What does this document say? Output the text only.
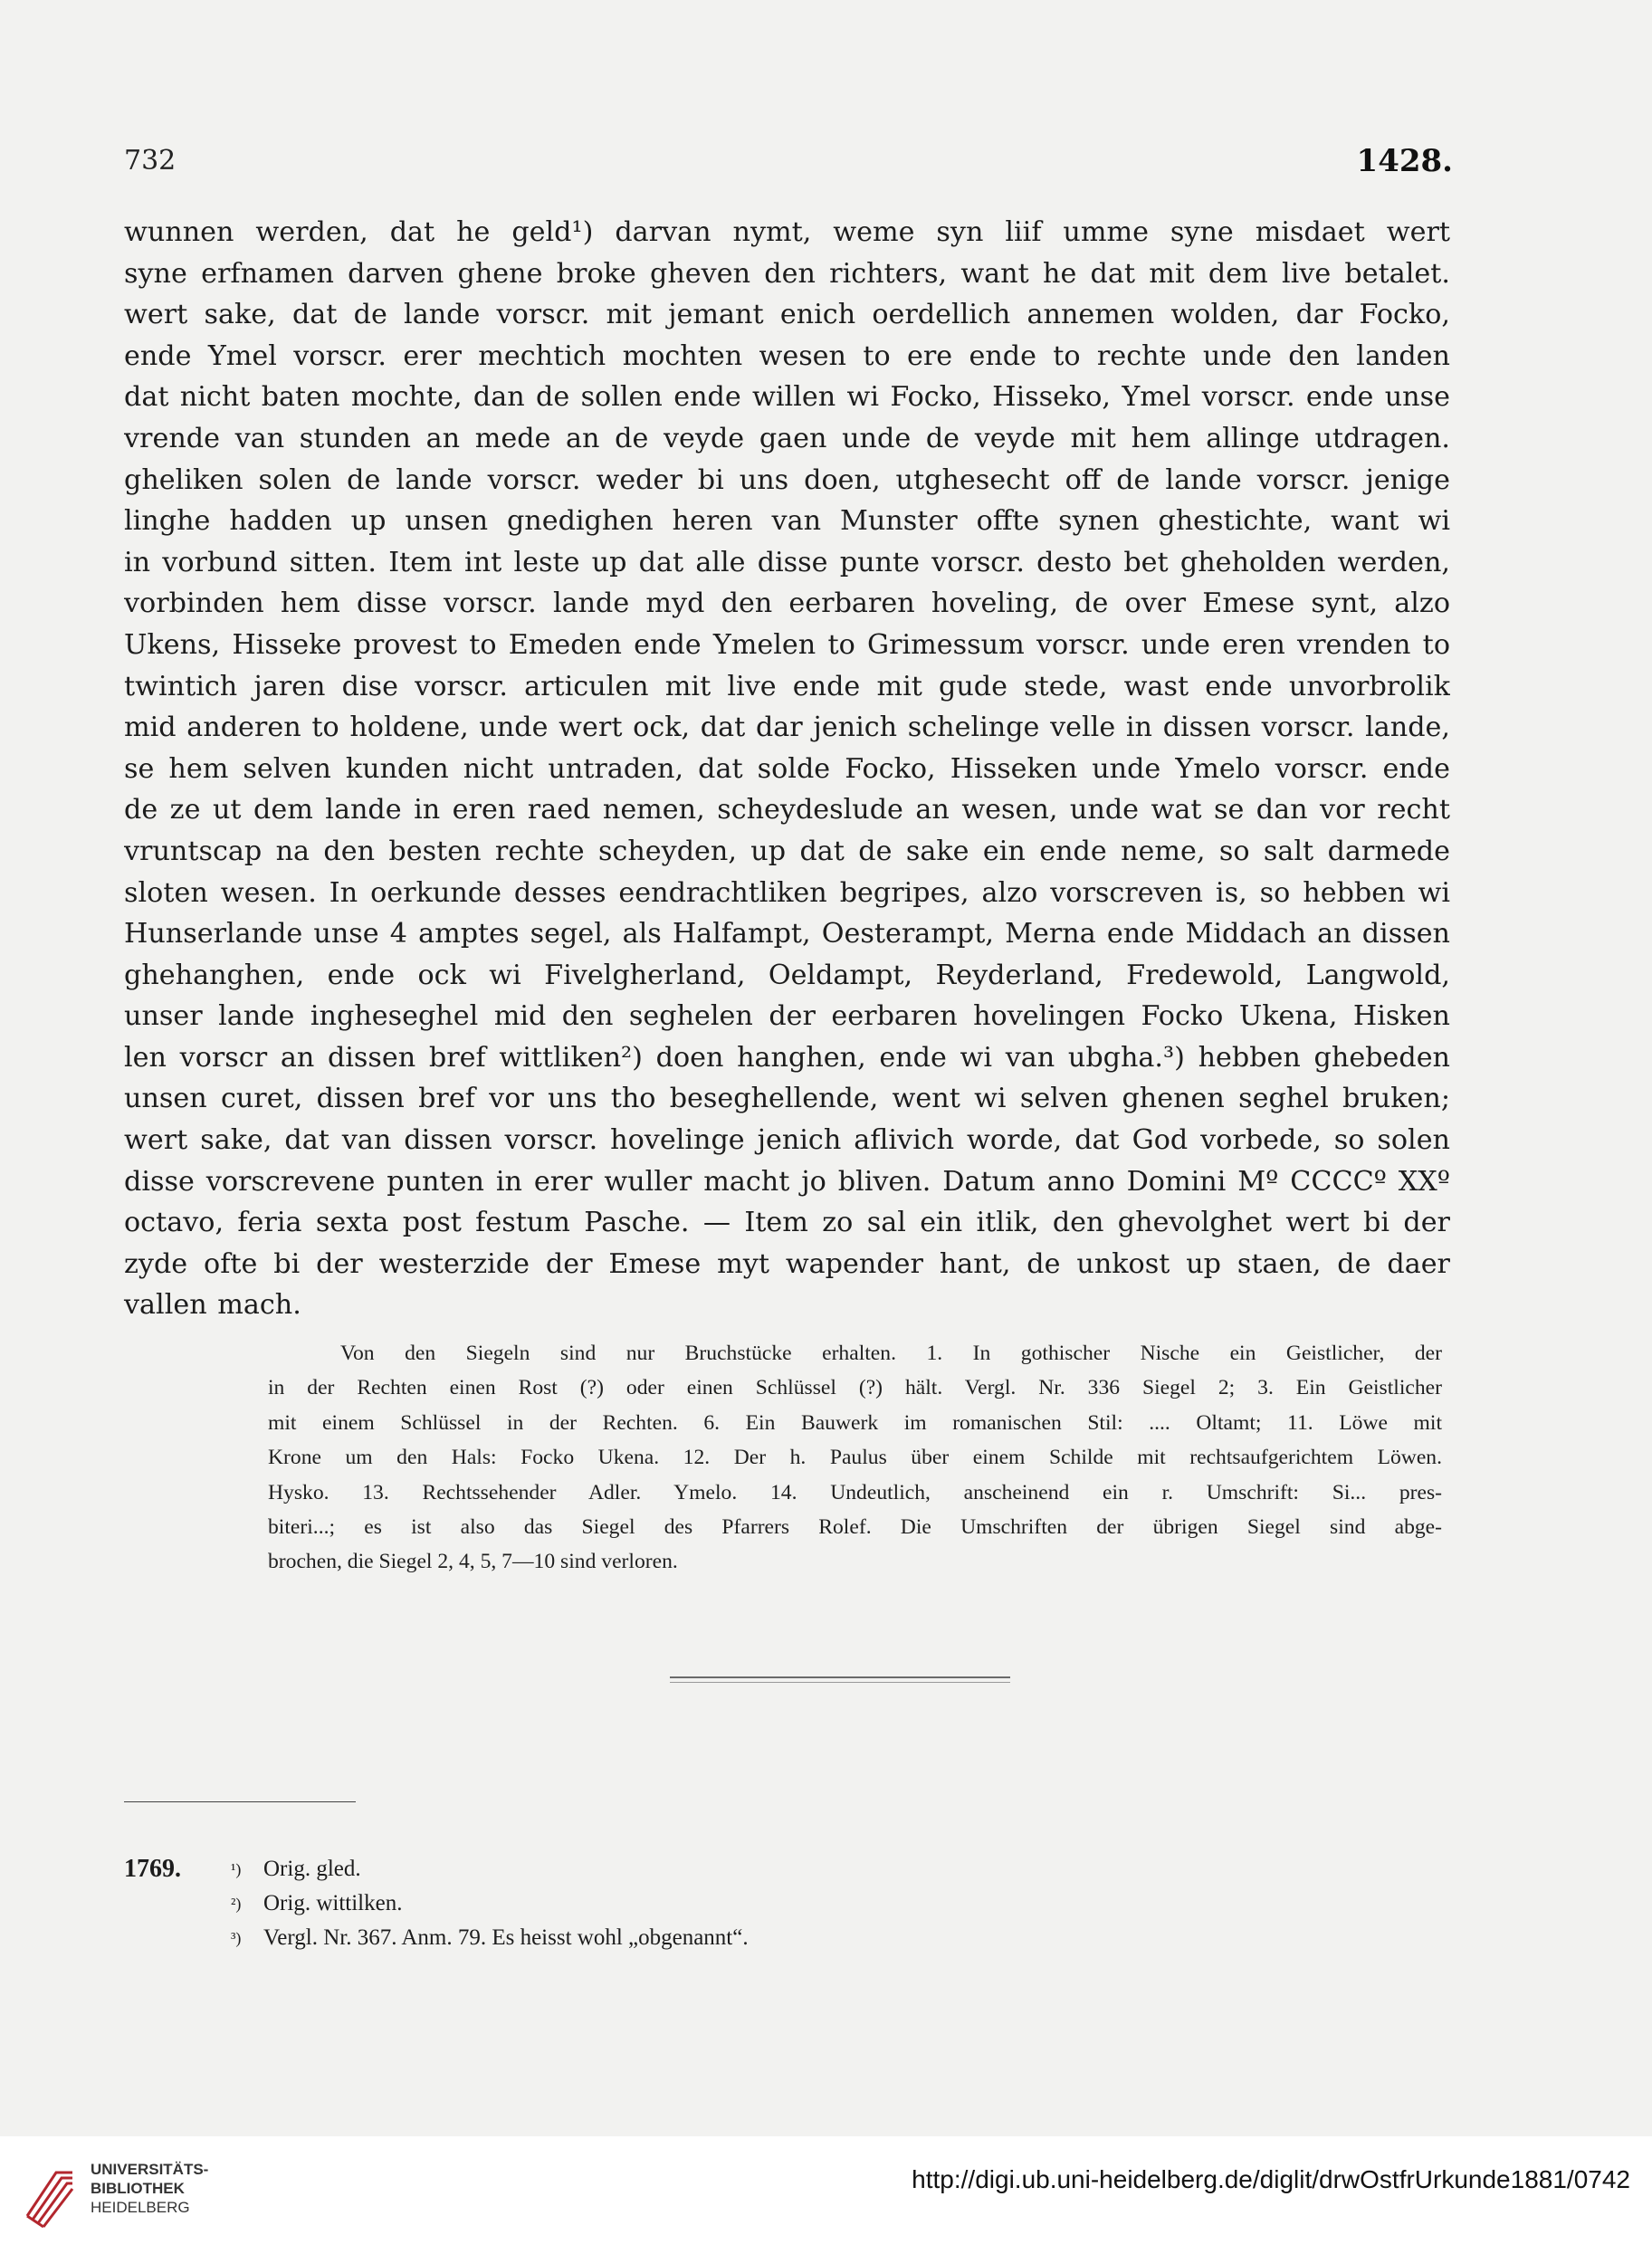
732	1428.
wunnen werden, dat he geld¹) darvan nymt, weme syn liif umme syne misdaet wert
syne erfnamen darven ghene broke gheven den richters, want he dat mit dem live betalet.
wert sake, dat de lande vorscr. mit jemant enich oerdellich annemen wolden, dar Focko,
ende Ymel vorscr. erer mechtich mochten wesen to ere ende to rechte unde den landen
dat nicht baten mochte, dan de sollen ende willen wi Focko, Hisseko, Ymel vorscr. ende unse
vrende van stunden an mede an de veyde gaen unde de veyde mit hem allinge utdragen.
gheliken solen de lande vorscr. weder bi uns doen, utghesecht off de lande vorscr. jenige
linghe hadden up unsen gnedighen heren van Munster offte synen ghestichte, want wi
in vorbund sitten. Item int leste up dat alle disse punte vorscr. desto bet gheholden werden,
vorbinden hem disse vorscr. lande myd den eerbaren hoveling, de over Emese synt, alzo
Ukens, Hisseke provest to Emeden ende Ymelen to Grimessum vorscr. unde eren vrenden to
twintich jaren dise vorscr. articulen mit live ende mit gude stede, wast ende unvorbrolik
mid anderen to holdene, unde wert ock, dat dar jenich schelinge velle in dissen vorscr. lande,
se hem selven kunden nicht untraden, dat solde Focko, Hisseken unde Ymelo vorscr. ende
de ze ut dem lande in eren raed nemen, scheydeslude an wesen, unde wat se dan vor recht
vruntscap na den besten rechte scheyden, up dat de sake ein ende neme, so salt darmede
sloten wesen. In oerkunde desses eendrachtliken begripes, alzo vorscreven is, so hebben wi
Hunserlande unse 4 amptes segel, als Halfampt, Oesterampt, Merna ende Middach an dissen
ghehanghen, ende ock wi Fivelgherland, Oeldampt, Reyderland, Fredewold, Langwold,
unser lande ingheseghel mid den seghelen der eerbaren hovelingen Focko Ukena, Hisken
len vorscr an dissen bref wittliken²) doen hanghen, ende wi van ubgha.³) hebben ghebeden
unsen curet, dissen bref vor uns tho beseghellende, went wi selven ghenen seghel bruken;
wert sake, dat van dissen vorscr. hovelinge jenich aflivich worde, dat God vorbede, so solen
disse vorscrevene punten in erer wuller macht jo bliven. Datum anno Domini Mº CCCCº XXº
octavo, feria sexta post festum Pasche. — Item zo sal ein itlik, den ghevolghet wert bi der
zyde ofte bi der westerzide der Emese myt wapender hant, de unkost up staen, de daer
vallen mach.
Von den Siegeln sind nur Bruchstücke erhalten. 1. In gothischer Nische ein Geistlicher, der
in der Rechten einen Rost (?) oder einen Schlüssel (?) hält. Vergl. Nr. 336 Siegel 2; 3. Ein Geistlicher
mit einem Schlüssel in der Rechten. 6. Ein Bauwerk im romanischen Stil: .... Oltamt; 11. Löwe mit
Krone um den Hals: Focko Ukena. 12. Der h. Paulus über einem Schilde mit rechtsaufgerichtem Löwen.
Hysko. 13. Rechtssehender Adler. Ymelo. 14. Undeutlich, anscheinend ein r. Umschrift: Si... pres-
biteri...; es ist also das Siegel des Pfarrers Rolef. Die Umschriften der übrigen Siegel sind abge-
brochen, die Siegel 2, 4, 5, 7—10 sind verloren.
1769.	¹) Orig. gled.
²) Orig. wittilken.
³) Vergl. Nr. 367. Anm. 79. Es heisst wohl „obgenannt“.
UNIVERSITÄTS-
BIBLIOTHEK
HEIDELBERG
http://digi.ub.uni-heidelberg.de/diglit/drwOstfrUrkunde1881/0742
